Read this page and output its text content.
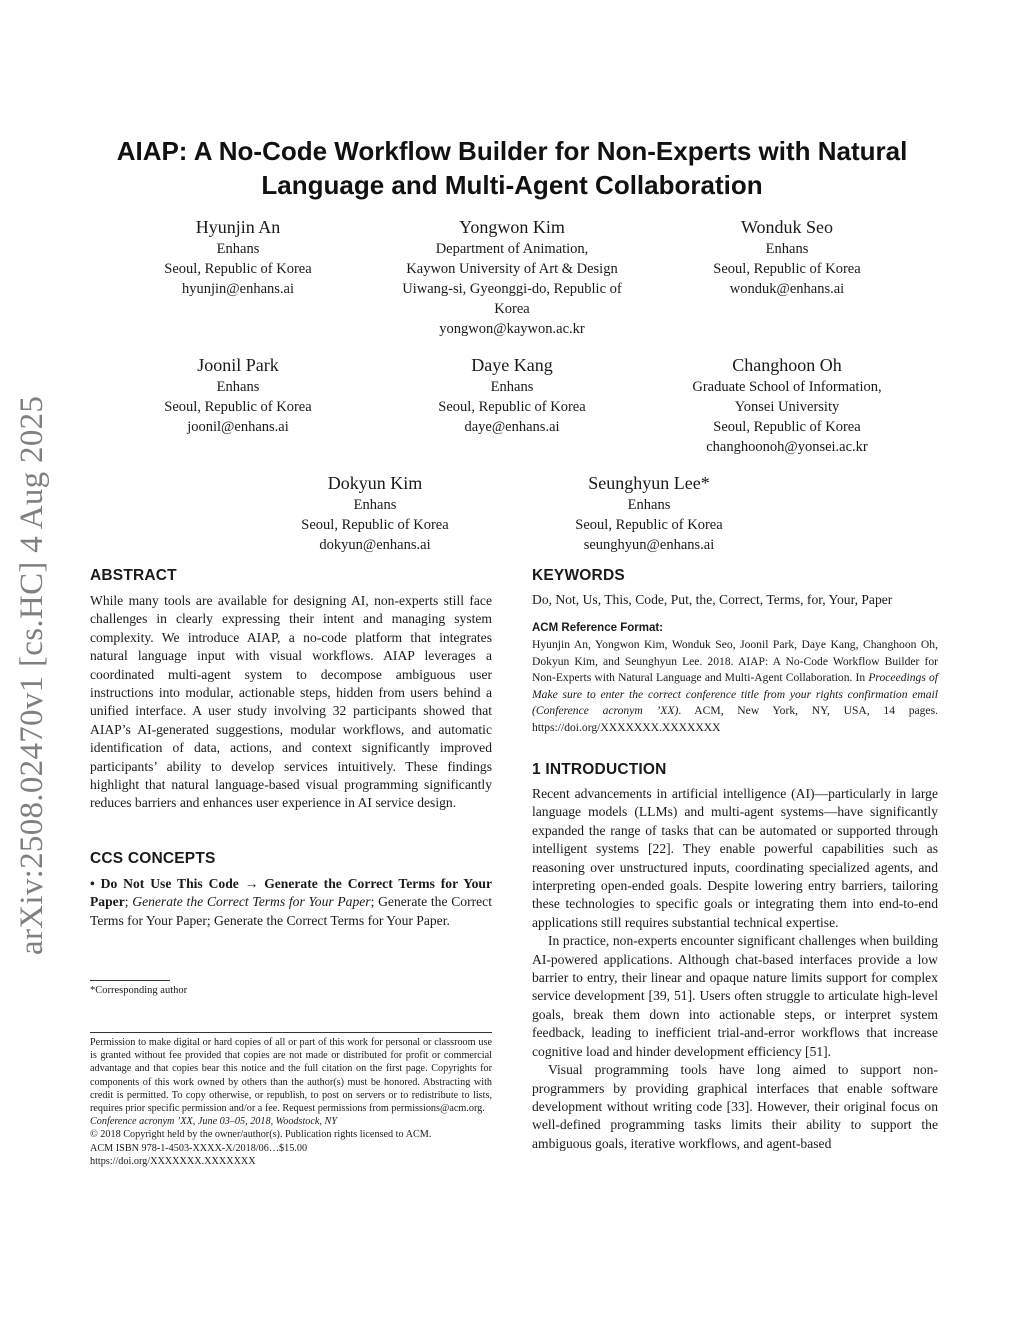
arXiv:2508.02470v1 [cs.HC] 4 Aug 2025
AIAP: A No-Code Workflow Builder for Non-Experts with Natural Language and Multi-Agent Collaboration
Hyunjin An
Enhans
Seoul, Republic of Korea
hyunjin@enhans.ai
Yongwon Kim
Department of Animation,
Kaywon University of Art & Design
Uiwang-si, Gyeonggi-do, Republic of
Korea
yongwon@kaywon.ac.kr
Wonduk Seo
Enhans
Seoul, Republic of Korea
wonduk@enhans.ai
Joonil Park
Enhans
Seoul, Republic of Korea
joonil@enhans.ai
Daye Kang
Enhans
Seoul, Republic of Korea
daye@enhans.ai
Changhoon Oh
Graduate School of Information,
Yonsei University
Seoul, Republic of Korea
changhoonoh@yonsei.ac.kr
Dokyun Kim
Enhans
Seoul, Republic of Korea
dokyun@enhans.ai
Seunghyun Lee*
Enhans
Seoul, Republic of Korea
seunghyun@enhans.ai
ABSTRACT

While many tools are available for designing AI, non-experts still face challenges in clearly expressing their intent and managing system complexity. We introduce AIAP, a no-code platform that integrates natural language input with visual workflows. AIAP leverages a coordinated multi-agent system to decompose ambiguous user instructions into modular, actionable steps, hidden from users behind a unified interface. A user study involving 32 participants showed that AIAP’s AI-generated suggestions, modular workflows, and automatic identification of data, actions, and context significantly improved participants’ ability to develop services intuitively. These findings highlight that natural language-based visual programming significantly reduces barriers and enhances user experience in AI service design.

CCS CONCEPTS

• Do Not Use This Code → Generate the Correct Terms for Your Paper; Generate the Correct Terms for Your Paper; Generate the Correct Terms for Your Paper; Generate the Correct Terms for Your Paper.

*Corresponding author

Permission to make digital or hard copies of all or part of this work for personal or classroom use is granted without fee provided that copies are not made or distributed for profit or commercial advantage and that copies bear this notice and the full citation on the first page. Copyrights for components of this work owned by others than the author(s) must be honored. Abstracting with credit is permitted. To copy otherwise, or republish, to post on servers or to redistribute to lists, requires prior specific permission and/or a fee. Request permissions from permissions@acm.org.

Conference acronym ’XX, June 03–05, 2018, Woodstock, NY

© 2018 Copyright held by the owner/author(s). Publication rights licensed to ACM.

ACM ISBN 978-1-4503-XXXX-X/2018/06…$15.00

https://doi.org/XXXXXXX.XXXXXXX

KEYWORDS
Do, Not, Us, This, Code, Put, the, Correct, Terms, for, Your, Paper
ACM Reference Format:

Hyunjin An, Yongwon Kim, Wonduk Seo, Joonil Park, Daye Kang, Changhoon Oh, Dokyun Kim, and Seunghyun Lee. 2018. AIAP: A No-Code Workflow Builder for Non-Experts with Natural Language and Multi-Agent Collaboration. In Proceedings of Make sure to enter the correct conference title from your rights confirmation email (Conference acronym ’XX). ACM, New York, NY, USA, 14 pages. https://doi.org/XXXXXXX.XXXXXXX

1 INTRODUCTION

Recent advancements in artificial intelligence (AI)—particularly in large language models (LLMs) and multi-agent systems—have significantly expanded the range of tasks that can be automated or supported through intelligent systems [22]. They enable powerful capabilities such as reasoning over unstructured inputs, coordinating specialized agents, and interpreting open-ended goals. Despite lowering entry barriers, tailoring these technologies to specific goals or integrating them into end-to-end applications still requires substantial technical expertise.

In practice, non-experts encounter significant challenges when building AI-powered applications. Although chat-based interfaces provide a low barrier to entry, their linear and opaque nature limits support for complex service development [39, 51]. Users often struggle to articulate high-level goals, break them down into actionable steps, or interpret system feedback, leading to inefficient trial-and-error workflows that increase cognitive load and hinder development efficiency [51].

Visual programming tools have long aimed to support non-programmers by providing graphical interfaces that enable software development without writing code [33]. However, their original focus on well-defined programming tasks limits their ability to support the ambiguous goals, iterative workflows, and agent-based
